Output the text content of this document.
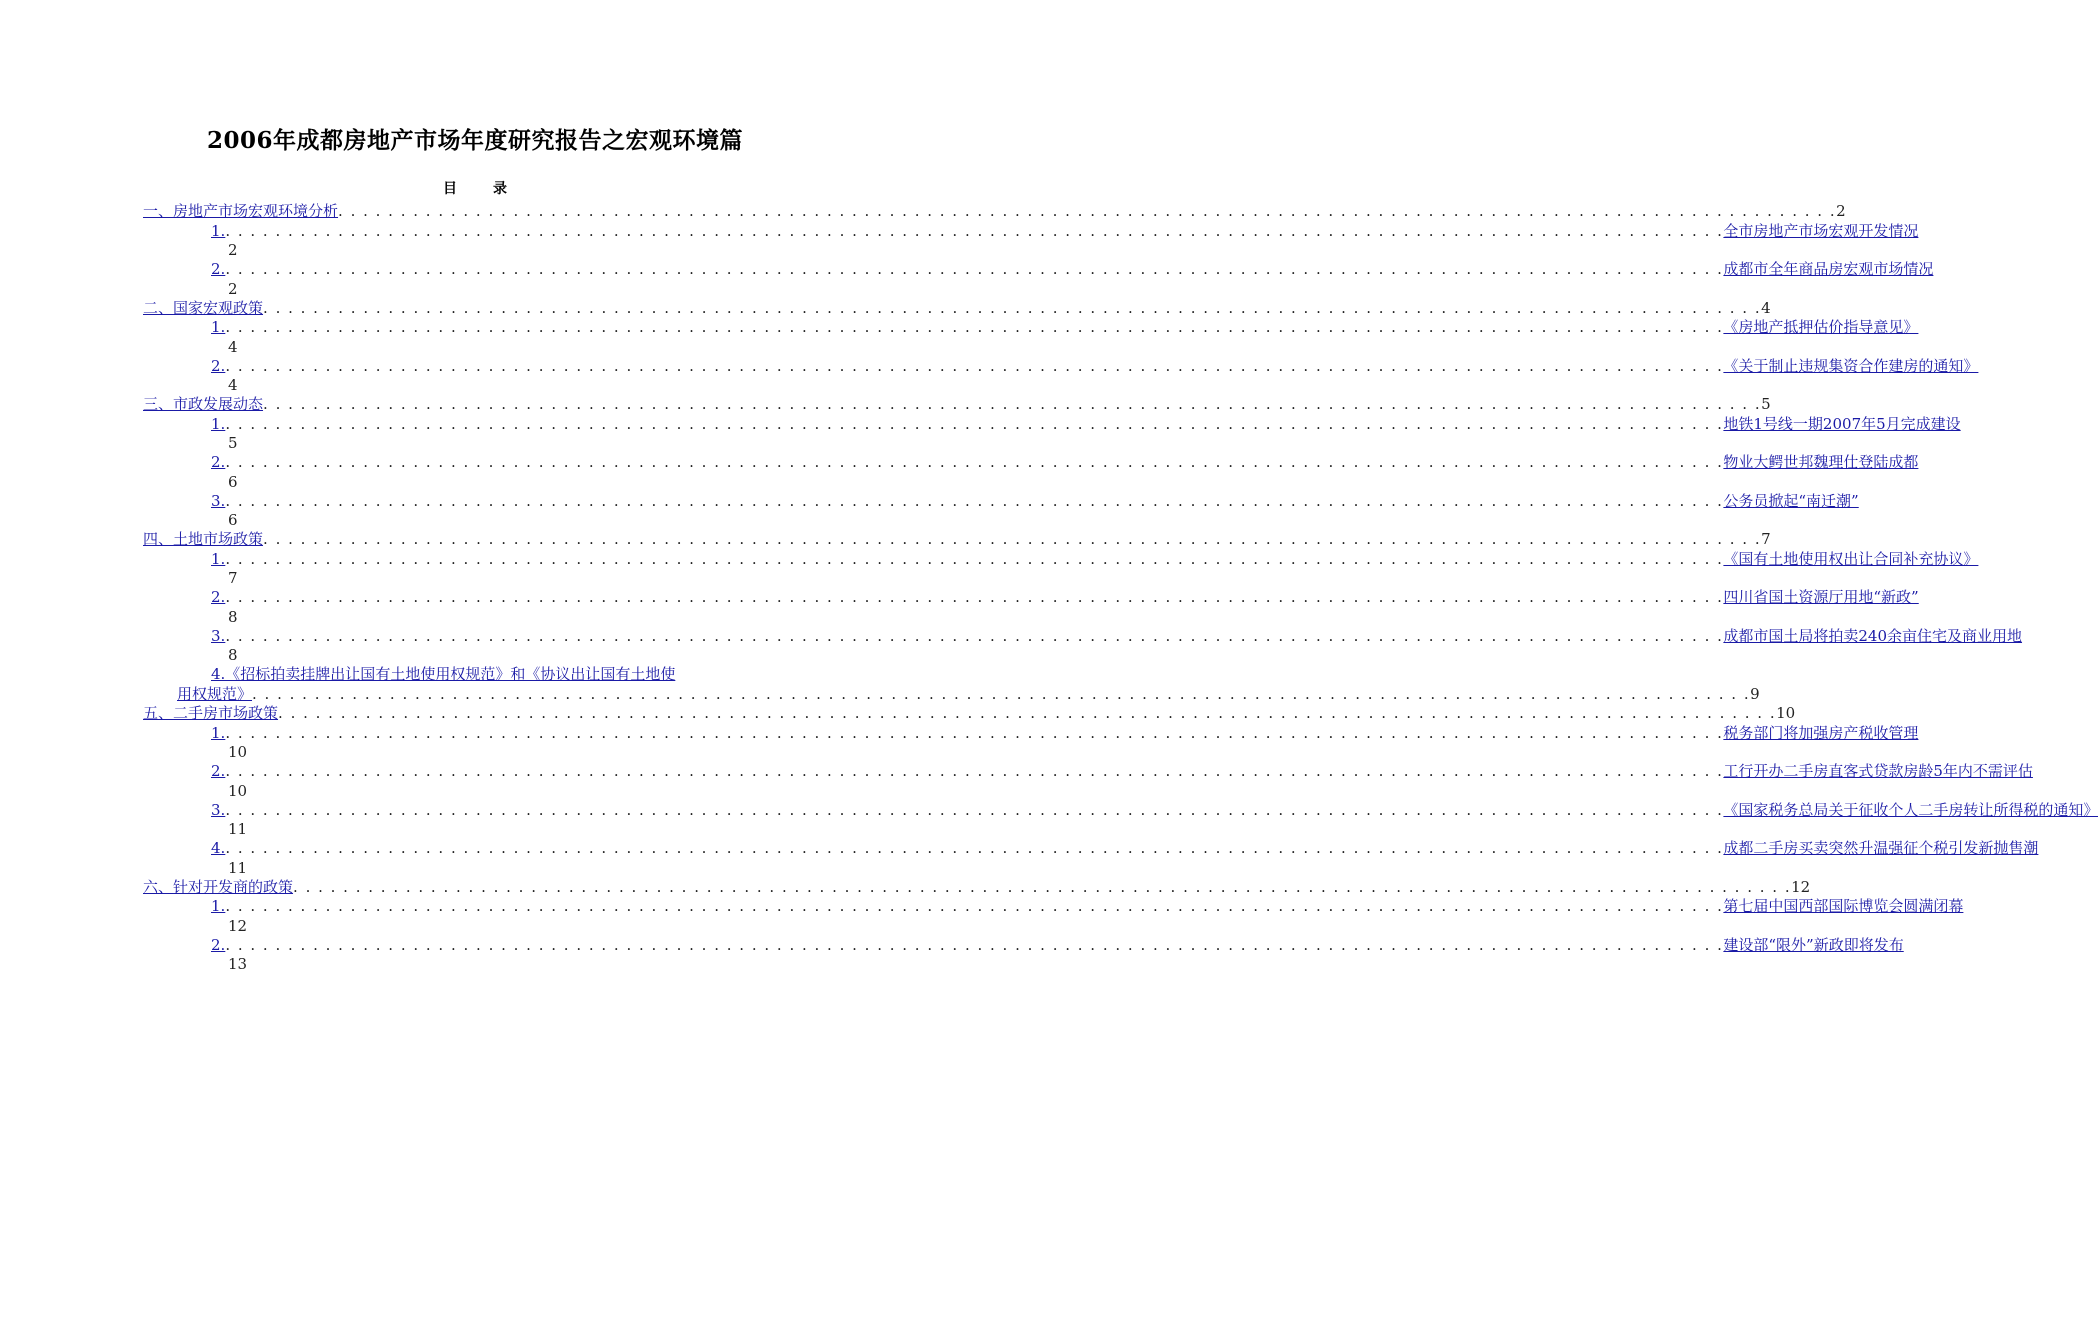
2006年成都房地产市场年度研究报告之宏观环境篇
目	录
一、 房地产市场宏观环境分析 . . . . . . . . . . . . . . . . . . . . . . . . . . . . . . . . . . . . . . . . . . . . . . . . . . . . . . . . . . . . . . . . . . . . . . . . . . . . . . . . . . . . . . . . . . . . . . . . . . . . . . . . . . . . . . . . . . . . . . . . 2
1. . . . . . . . . . . . . . . . . . . . . . . . . . . . . . . . . . . . . . . . . . . . . . . . . . . . . . . . . . . . . . . . . . . . . . . . . . . . . . . . . . . . . . . . . . . . . . . . . . . . . . . . . . . . . . . . . . . . . . . . . 全市房地产市场宏观开发情况
2
2. . . . . . . . . . . . . . . . . . . . . . . . . . . . . . . . . . . . . . . . . . . . . . . . . . . . . . . . . . . . . . . . . . . . . . . . . . . . . . . . . . . . . . . . . . . . . . . . . . . . . . . . . . . . . . . . . . . . . . . . . 成都市全年商品房宏观市场情况
2
二、 国家宏观政策 . . . . . . . . . . . . . . . . . . . . . . . . . . . . . . . . . . . . . . . . . . . . . . . . . . . . . . . . . . . . . . . . . . . . . . . . . . . . . . . . . . . . . . . . . . . . . . . . . . . . . . . . . . . . . . . . . . . . . . . . 4
1. . . . . . . . . . . . . . . . . . . . . . . . . . . . . . . . . . . . . . . . . . . . . . . . . . . . . . . . . . . . . . . . . . . . . . . . . . . . . . . . . . . . . . . . . . . . . . . . . . . . . . . . . . . . . . . . . . . . . . . . . 《房地产抵押估价指导意见》
4
2. . . . . . . . . . . . . . . . . . . . . . . . . . . . . . . . . . . . . . . . . . . . . . . . . . . . . . . . . . . . . . . . . . . . . . . . . . . . . . . . . . . . . . . . . . . . . . . . . . . . . . . . . . . . . . . . . . . . . . . . . 《关于制止违规集资合作建房的通知》
4
三、 市政发展动态 . . . . . . . . . . . . . . . . . . . . . . . . . . . . . . . . . . . . . . . . . . . . . . . . . . . . . . . . . . . . . . . . . . . . . . . . . . . . . . . . . . . . . . . . . . . . . . . . . . . . . . . . . . . . . . . . . . . . . . . . 5
1. . . . . . . . . . . . . . . . . . . . . . . . . . . . . . . . . . . . . . . . . . . . . . . . . . . . . . . . . . . . . . . . . . . . . . . . . . . . . . . . . . . . . . . . . . . . . . . . . . . . . . . . . . . . . . . . . . . . . . . . . 地铁1号线一期2007年5月完成建设
5
2. . . . . . . . . . . . . . . . . . . . . . . . . . . . . . . . . . . . . . . . . . . . . . . . . . . . . . . . . . . . . . . . . . . . . . . . . . . . . . . . . . . . . . . . . . . . . . . . . . . . . . . . . . . . . . . . . . . . . . . . . 物业大鳄世邦魏理仕登陆成都
6
3. . . . . . . . . . . . . . . . . . . . . . . . . . . . . . . . . . . . . . . . . . . . . . . . . . . . . . . . . . . . . . . . . . . . . . . . . . . . . . . . . . . . . . . . . . . . . . . . . . . . . . . . . . . . . . . . . . . . . . . . . 公务员掀起“南迁潮”
6
四、 土地市场政策 . . . . . . . . . . . . . . . . . . . . . . . . . . . . . . . . . . . . . . . . . . . . . . . . . . . . . . . . . . . . . . . . . . . . . . . . . . . . . . . . . . . . . . . . . . . . . . . . . . . . . . . . . . . . . . . . . . . . . . . . 7
1. . . . . . . . . . . . . . . . . . . . . . . . . . . . . . . . . . . . . . . . . . . . . . . . . . . . . . . . . . . . . . . . . . . . . . . . . . . . . . . . . . . . . . . . . . . . . . . . . . . . . . . . . . . . . . . . . . . . . . . . . 《国有土地使用权出让合同补充协议》
7
2. . . . . . . . . . . . . . . . . . . . . . . . . . . . . . . . . . . . . . . . . . . . . . . . . . . . . . . . . . . . . . . . . . . . . . . . . . . . . . . . . . . . . . . . . . . . . . . . . . . . . . . . . . . . . . . . . . . . . . . . . 四川省国土资源厅用地“新政”
8
3. . . . . . . . . . . . . . . . . . . . . . . . . . . . . . . . . . . . . . . . . . . . . . . . . . . . . . . . . . . . . . . . . . . . . . . . . . . . . . . . . . . . . . . . . . . . . . . . . . . . . . . . . . . . . . . . . . . . . . . . . 成都市国土局将拍卖240余亩住宅及商业用地
8
4.《招标拍卖挂牌出让国有土地使用权规范》和《协议出让国有土地使
用权规范》 . . . . . . . . . . . . . . . . . . . . . . . . . . . . . . . . . . . . . . . . . . . . . . . . . . . . . . . . . . . . . . . . . . . . . . . . . . . . . . . . . . . . . . . . . . . . . . . . . . . . . . . . . . . . . . . . . . . . . . . . 9
五、 二手房市场政策 . . . . . . . . . . . . . . . . . . . . . . . . . . . . . . . . . . . . . . . . . . . . . . . . . . . . . . . . . . . . . . . . . . . . . . . . . . . . . . . . . . . . . . . . . . . . . . . . . . . . . . . . . . . . . . . . . . . . . . . . 10
1. . . . . . . . . . . . . . . . . . . . . . . . . . . . . . . . . . . . . . . . . . . . . . . . . . . . . . . . . . . . . . . . . . . . . . . . . . . . . . . . . . . . . . . . . . . . . . . . . . . . . . . . . . . . . . . . . . . . . . . . . 税务部门将加强房产税收管理
10
2. . . . . . . . . . . . . . . . . . . . . . . . . . . . . . . . . . . . . . . . . . . . . . . . . . . . . . . . . . . . . . . . . . . . . . . . . . . . . . . . . . . . . . . . . . . . . . . . . . . . . . . . . . . . . . . . . . . . . . . . . 工行开办二手房直客式贷款房龄5年内不需评估
10
3. . . . . . . . . . . . . . . . . . . . . . . . . . . . . . . . . . . . . . . . . . . . . . . . . . . . . . . . . . . . . . . . . . . . . . . . . . . . . . . . . . . . . . . . . . . . . . . . . . . . . . . . . . . . . . . . . . . . . . . . . 《国家税务总局关于征收个人二手房转让所得税的通知》
11
4. . . . . . . . . . . . . . . . . . . . . . . . . . . . . . . . . . . . . . . . . . . . . . . . . . . . . . . . . . . . . . . . . . . . . . . . . . . . . . . . . . . . . . . . . . . . . . . . . . . . . . . . . . . . . . . . . . . . . . . . . 成都二手房买卖突然升温强征个税引发新抛售潮
11
六、 针对开发商的政策 . . . . . . . . . . . . . . . . . . . . . . . . . . . . . . . . . . . . . . . . . . . . . . . . . . . . . . . . . . . . . . . . . . . . . . . . . . . . . . . . . . . . . . . . . . . . . . . . . . . . . . . . . . . . . . . . . . . . . . . . 12
1. . . . . . . . . . . . . . . . . . . . . . . . . . . . . . . . . . . . . . . . . . . . . . . . . . . . . . . . . . . . . . . . . . . . . . . . . . . . . . . . . . . . . . . . . . . . . . . . . . . . . . . . . . . . . . . . . . . . . . . . . 第七届中国西部国际博览会圆满闭幕
12
2. . . . . . . . . . . . . . . . . . . . . . . . . . . . . . . . . . . . . . . . . . . . . . . . . . . . . . . . . . . . . . . . . . . . . . . . . . . . . . . . . . . . . . . . . . . . . . . . . . . . . . . . . . . . . . . . . . . . . . . . . 建设部“限外”新政即将发布
13
